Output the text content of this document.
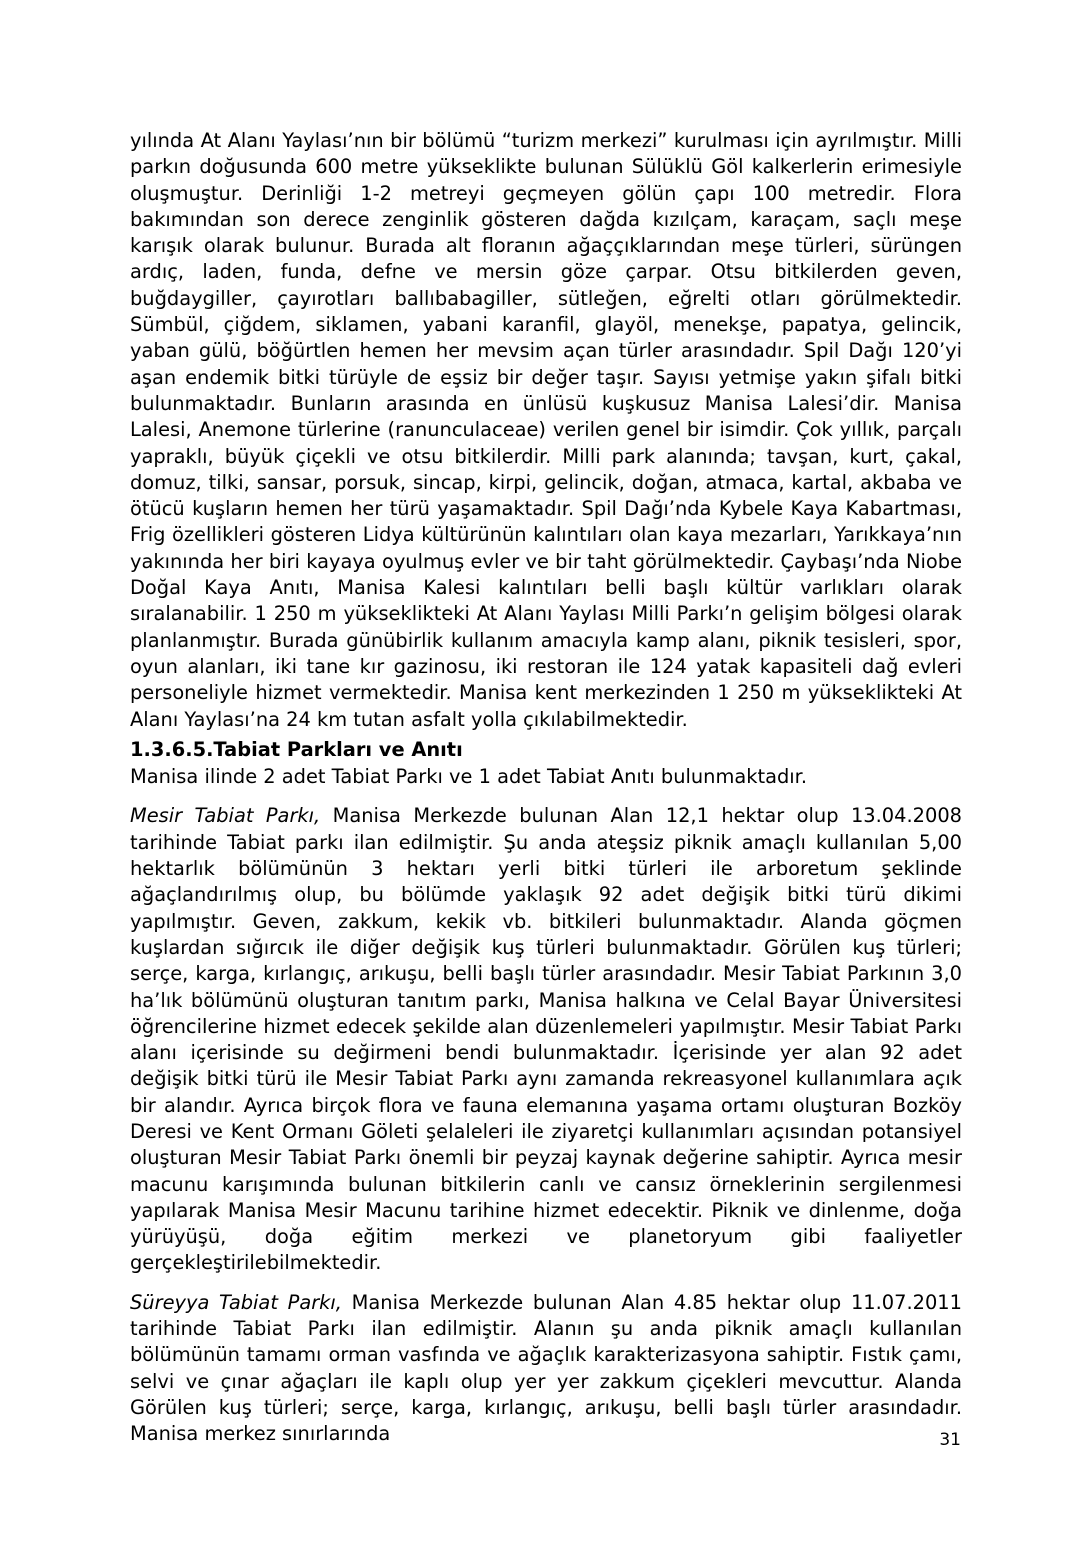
yılında At Alanı Yaylası’nın bir bölümü “turizm merkezi” kurulması için ayrılmıştır. Milli parkın doğusunda 600 metre yükseklikte bulunan Sülüklü Göl kalkerlerin erimesiyle oluşmuştur. Derinliği 1-2 metreyi geçmeyen gölün çapı 100 metredir. Flora bakımından son derece zenginlik gösteren dağda kızılçam, karaçam, saçlı meşe karışık olarak bulunur. Burada alt floranın ağaççıklarından meşe türleri, sürüngen ardıç, laden, funda, defne ve mersin göze çarpar. Otsu bitkilerden geven, buğdaygiller, çayırotları ballıbabagiller, sütleğen, eğrelti otları görülmektedir. Sümbül, çiğdem, siklamen, yabani karanfil, glayöl, menekşe, papatya, gelincik, yaban gülü, böğürtlen hemen her mevsim açan türler arasındadır. Spil Dağı 120’yi aşan endemik bitki türüyle de eşsiz bir değer taşır. Sayısı yetmişe yakın şifalı bitki bulunmaktadır. Bunların arasında en ünlüsü kuşkusuz Manisa Lalesi’dir. Manisa Lalesi, Anemone türlerine (ranunculaceae) verilen genel bir isimdir. Çok yıllık, parçalı yapraklı, büyük çiçekli ve otsu bitkilerdir. Milli park alanında; tavşan, kurt, çakal, domuz, tilki, sansar, porsuk, sincap, kirpi, gelincik, doğan, atmaca, kartal, akbaba ve ötücü kuşların hemen her türü yaşamaktadır. Spil Dağı’nda Kybele Kaya Kabartması, Frig özellikleri gösteren Lidya kültürünün kalıntıları olan kaya mezarları, Yarıkkaya’nın yakınında her biri kayaya oyulmuş evler ve bir taht görülmektedir. Çaybaşı’nda Niobe Doğal Kaya Anıtı, Manisa Kalesi kalıntıları belli başlı kültür varlıkları olarak sıralanabilir. 1 250 m yükseklikteki At Alanı Yaylası Milli Parkı’n gelişim bölgesi olarak planlanmıştır. Burada günübirlik kullanım amacıyla kamp alanı, piknik tesisleri, spor, oyun alanları, iki tane kır gazinosu, iki restoran ile 124 yatak kapasiteli dağ evleri personeliyle hizmet vermektedir. Manisa kent merkezinden 1 250 m yükseklikteki At Alanı Yaylası’na 24 km tutan asfalt yolla çıkılabilmektedir.

1.3.6.5.Tabiat Parkları ve Anıtı

Manisa ilinde 2 adet Tabiat Parkı ve 1 adet Tabiat Anıtı bulunmaktadır.

Mesir Tabiat Parkı, Manisa Merkezde bulunan Alan 12,1 hektar olup 13.04.2008 tarihinde Tabiat parkı ilan edilmiştir. Şu anda ateşsiz piknik amaçlı kullanılan 5,00 hektarlık bölümünün 3 hektarı yerli bitki türleri ile arboretum şeklinde ağaçlandırılmış olup, bu bölümde yaklaşık 92 adet değişik bitki türü dikimi yapılmıştır. Geven, zakkum, kekik vb. bitkileri bulunmaktadır. Alanda göçmen kuşlardan sığırcık ile diğer değişik kuş türleri bulunmaktadır. Görülen kuş türleri; serçe, karga, kırlangıç, arıkuşu, belli başlı türler arasındadır. Mesir Tabiat Parkının 3,0 ha’lık bölümünü oluşturan tanıtım parkı, Manisa halkına ve Celal Bayar Üniversitesi öğrencilerine hizmet edecek şekilde alan düzenlemeleri yapılmıştır. Mesir Tabiat Parkı alanı içerisinde su değirmeni bendi bulunmaktadır. İçerisinde yer alan 92 adet değişik bitki türü ile Mesir Tabiat Parkı aynı zamanda rekreasyonel kullanımlara açık bir alandır. Ayrıca birçok flora ve fauna elemanına yaşama ortamı oluşturan Bozköy Deresi ve Kent Ormanı Göleti şelaleleri ile ziyaretçi kullanımları açısından potansiyel oluşturan Mesir Tabiat Parkı önemli bir peyzaj kaynak değerine sahiptir. Ayrıca mesir macunu karışımında bulunan bitkilerin canlı ve cansız örneklerinin sergilenmesi yapılarak Manisa Mesir Macunu tarihine hizmet edecektir. Piknik ve dinlenme, doğa yürüyüşü, doğa eğitim merkezi ve planetoryum gibi faaliyetler gerçekleştirilebilmektedir.

Süreyya Tabiat Parkı, Manisa Merkezde bulunan Alan 4.85 hektar olup 11.07.2011 tarihinde Tabiat Parkı ilan edilmiştir. Alanın şu anda piknik amaçlı kullanılan bölümünün tamamı orman vasfında ve ağaçlık karakterizasyona sahiptir. Fıstık çamı, selvi ve çınar ağaçları ile kaplı olup yer yer zakkum çiçekleri mevcuttur. Alanda Görülen kuş türleri; serçe, karga, kırlangıç, arıkuşu, belli başlı türler arasındadır. Manisa merkez sınırlarında	31
